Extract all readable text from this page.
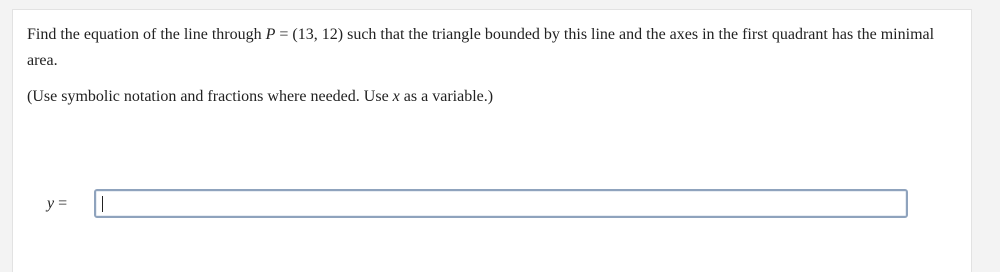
Find the equation of the line through P = (13, 12) such that the triangle bounded by this line and the axes in the first quadrant has the minimal area.

(Use symbolic notation and fractions where needed. Use x as a variable.)

y =
